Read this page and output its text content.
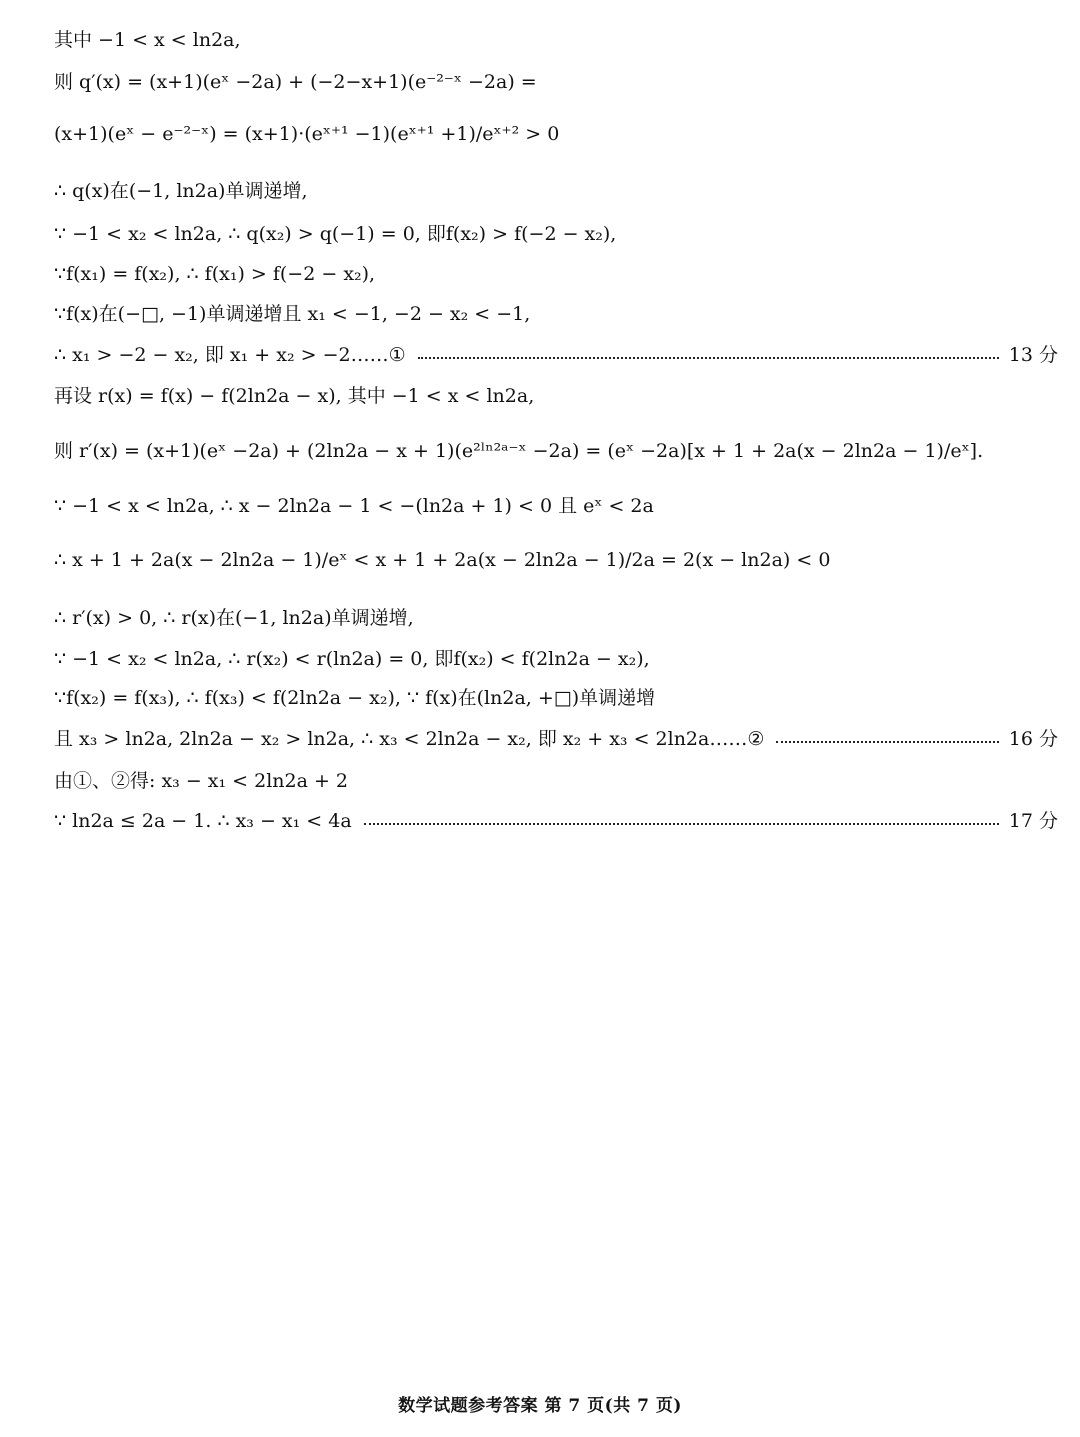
其中 −1 < x < ln2a,
则 q′(x) = (x+1)(eˣ −2a) + (−2−x+1)(e⁻²⁻ˣ −2a) =
(x+1)(eˣ − e⁻²⁻ˣ) = (x+1)·(eˣ⁺¹ −1)(eˣ⁺¹ +1)/eˣ⁺² > 0
∴ q(x)在(−1, ln2a)单调递增,
∵ −1 < x₂ < ln2a, ∴ q(x₂) > q(−1) = 0, 即f(x₂) > f(−2 − x₂),
∵f(x₁) = f(x₂), ∴ f(x₁) > f(−2 − x₂),
∵f(x)在(−□, −1)单调递增且 x₁ < −1, −2 − x₂ < −1,
∴ x₁ > −2 − x₂, 即 x₁ + x₂ > −2……①	13 分
再设 r(x) = f(x) − f(2ln2a − x), 其中 −1 < x < ln2a,
则 r′(x) = (x+1)(eˣ −2a) + (2ln2a − x + 1)(e²ˡⁿ²ᵃ⁻ˣ −2a) = (eˣ −2a)[x + 1 + 2a(x − 2ln2a − 1)/eˣ].
∵ −1 < x < ln2a, ∴ x − 2ln2a − 1 < −(ln2a + 1) < 0 且 eˣ < 2a
∴ x + 1 + 2a(x − 2ln2a − 1)/eˣ < x + 1 + 2a(x − 2ln2a − 1)/2a = 2(x − ln2a) < 0
∴ r′(x) > 0, ∴ r(x)在(−1, ln2a)单调递增,
∵ −1 < x₂ < ln2a, ∴ r(x₂) < r(ln2a) = 0, 即f(x₂) < f(2ln2a − x₂),
∵f(x₂) = f(x₃), ∴ f(x₃) < f(2ln2a − x₂), ∵ f(x)在(ln2a, +□)单调递增
且 x₃ > ln2a, 2ln2a − x₂ > ln2a, ∴ x₃ < 2ln2a − x₂, 即 x₂ + x₃ < 2ln2a……②	16 分
由①、②得: x₃ − x₁ < 2ln2a + 2
∵ ln2a ≤ 2a − 1. ∴ x₃ − x₁ < 4a	17 分
数学试题参考答案 第 7 页(共 7 页)
